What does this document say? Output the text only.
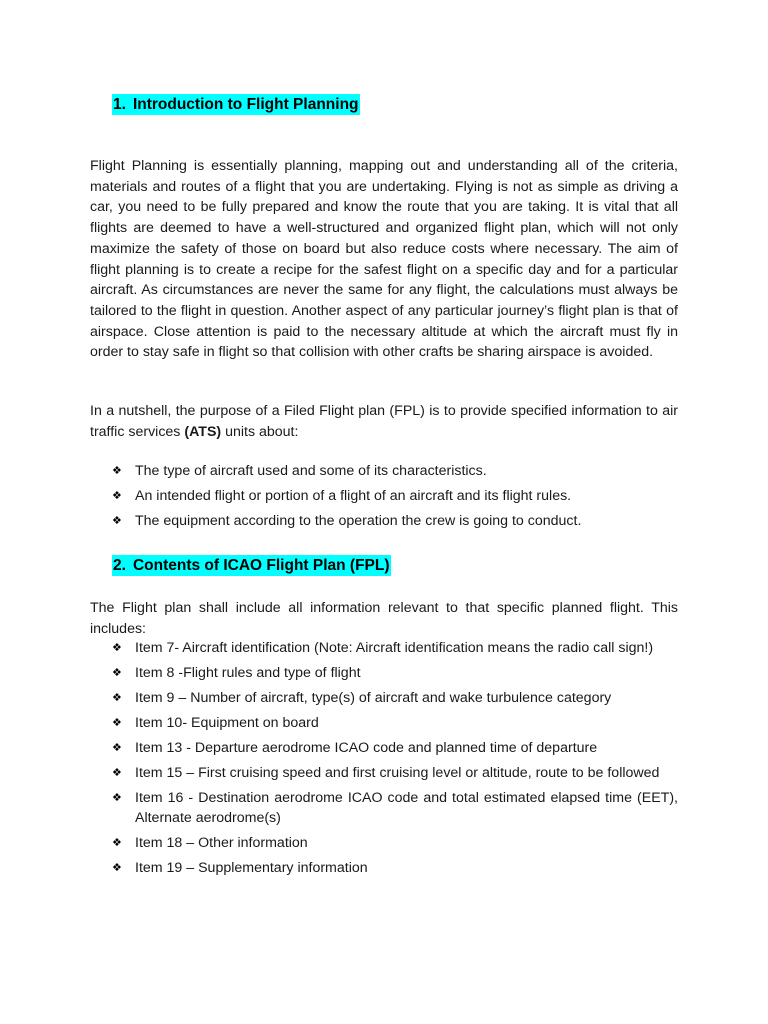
1. Introduction to Flight Planning

Flight Planning is essentially planning, mapping out and understanding all of the criteria, materials and routes of a flight that you are undertaking. Flying is not as simple as driving a car, you need to be fully prepared and know the route that you are taking. It is vital that all flights are deemed to have a well-structured and organized flight plan, which will not only maximize the safety of those on board but also reduce costs where necessary. The aim of flight planning is to create a recipe for the safest flight on a specific day and for a particular aircraft. As circumstances are never the same for any flight, the calculations must always be tailored to the flight in question. Another aspect of any particular journey’s flight plan is that of airspace. Close attention is paid to the necessary altitude at which the aircraft must fly in order to stay safe in flight so that collision with other crafts be sharing airspace is avoided.

In a nutshell, the purpose of a Filed Flight plan (FPL) is to provide specified information to air traffic services (ATS) units about:

❖ The type of aircraft used and some of its characteristics.
❖ An intended flight or portion of a flight of an aircraft and its flight rules.
❖ The equipment according to the operation the crew is going to conduct.
2. Contents of ICAO Flight Plan (FPL)

The Flight plan shall include all information relevant to that specific planned flight. This includes:

❖ Item 7- Aircraft identification (Note: Aircraft identification means the radio call sign!)
❖ Item 8 -Flight rules and type of flight
❖ Item 9 – Number of aircraft, type(s) of aircraft and wake turbulence category
❖ Item 10- Equipment on board
❖ Item 13 - Departure aerodrome ICAO code and planned time of departure
❖ Item 15 – First cruising speed and first cruising level or altitude, route to be followed
❖ Item 16 - Destination aerodrome ICAO code and total estimated elapsed time (EET), Alternate aerodrome(s)
❖ Item 18 – Other information
❖ Item 19 – Supplementary information
